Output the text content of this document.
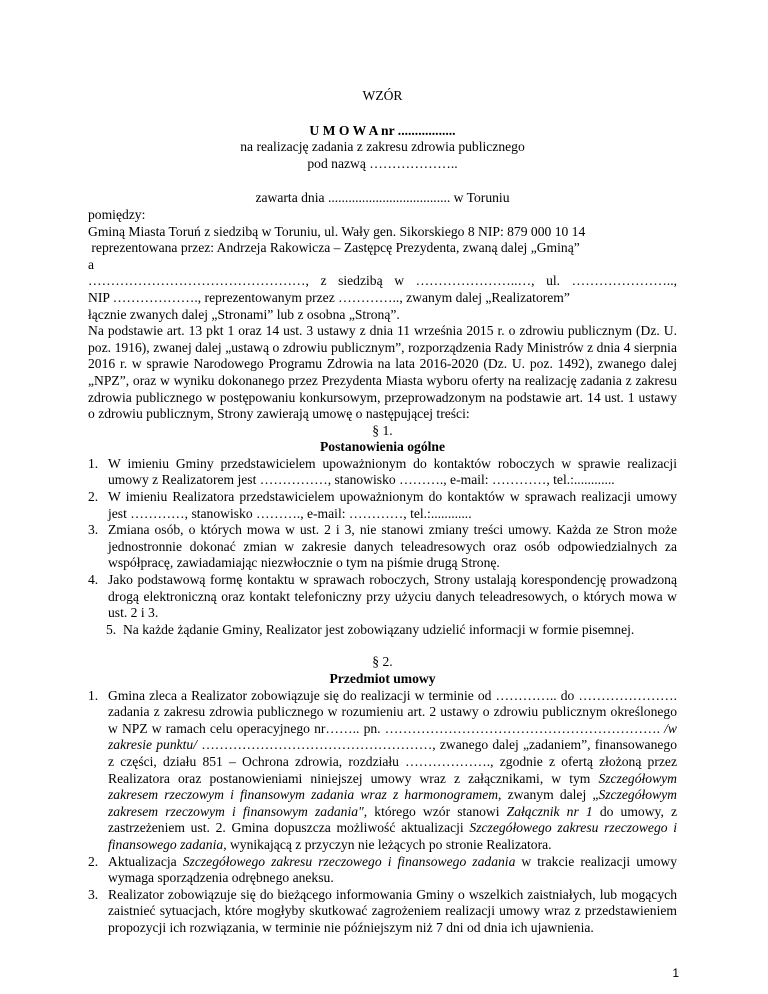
WZÓR
U M O W A nr .................
na realizację zadania z zakresu zdrowia publicznego
pod nazwą ………………..
zawarta dnia .................................... w Toruniu
pomiędzy:
Gminą Miasta Toruń z siedzibą w Toruniu, ul. Wały gen. Sikorskiego 8 NIP: 879 000 10 14
reprezentowana przez: Andrzeja Rakowicza – Zastępcę Prezydenta, zwaną dalej „Gminą”
a
…………………………………………, z siedzibą w …………………..…, ul. …………………..,
NIP ………………., reprezentowanym przez ………….., zwanym dalej „Realizatorem”
łącznie zwanych dalej „Stronami” lub z osobna „Stroną”.
Na podstawie art. 13 pkt 1 oraz 14 ust. 3 ustawy z dnia 11 września 2015 r. o zdrowiu publicznym (Dz. U. poz. 1916), zwanej dalej „ustawą o zdrowiu publicznym”, rozporządzenia Rady Ministrów z dnia 4 sierpnia 2016 r. w sprawie Narodowego Programu Zdrowia na lata 2016-2020 (Dz. U. poz. 1492), zwanego dalej „NPZ”, oraz w wyniku dokonanego przez Prezydenta Miasta wyboru oferty na realizację zadania z zakresu zdrowia publicznego w postępowaniu konkursowym, przeprowadzonym na podstawie art. 14 ust. 1 ustawy o zdrowiu publicznym, Strony zawierają umowę o następującej treści:
§ 1.
Postanowienia ogólne
1. W imieniu Gminy przedstawicielem upoważnionym do kontaktów roboczych w sprawie realizacji umowy z Realizatorem jest ……………, stanowisko ………., e-mail: …………, tel.:............
2. W imieniu Realizatora przedstawicielem upoważnionym do kontaktów w sprawach realizacji umowy jest …………, stanowisko ………., e-mail: …………, tel.:............
3. Zmiana osób, o których mowa w ust. 2 i 3, nie stanowi zmiany treści umowy. Każda ze Stron może jednostronnie dokonać zmian w zakresie danych teleadresowych oraz osób odpowiedzialnych za współpracę, zawiadamiając niezwłocznie o tym na piśmie drugą Stronę.
4. Jako podstawową formę kontaktu w sprawach roboczych, Strony ustalają korespondencję prowadzoną drogą elektroniczną oraz kontakt telefoniczny przy użyciu danych teleadresowych, o których mowa w ust. 2 i 3.
5.  Na każde żądanie Gminy, Realizator jest zobowiązany udzielić informacji w formie pisemnej.
§ 2.
Przedmiot umowy
1. Gmina zleca a Realizator zobowiązuje się do realizacji w terminie od ………….. do …………………. zadania z zakresu zdrowia publicznego w rozumieniu art. 2 ustawy o zdrowiu publicznym określonego w NPZ w ramach celu operacyjnego nr…….. pn. ……………………………………………………. /w zakresie punktu/ ……………………………………………, zwanego dalej „zadaniem”, finansowanego z części, działu 851 – Ochrona zdrowia, rozdziału ………………., zgodnie z ofertą złożoną przez Realizatora oraz postanowieniami niniejszej umowy wraz z załącznikami, w tym Szczegółowym zakresem rzeczowym i finansowym zadania wraz z harmonogramem, zwanym dalej „Szczegółowym zakresem rzeczowym i finansowym zadania", którego wzór stanowi Załącznik nr 1 do umowy, z zastrzeżeniem ust. 2. Gmina dopuszcza możliwość aktualizacji Szczegółowego zakresu rzeczowego i finansowego zadania, wynikającą z przyczyn nie leżących po stronie Realizatora.
2. Aktualizacja Szczegółowego zakresu rzeczowego i finansowego zadania w trakcie realizacji umowy wymaga sporządzenia odrębnego aneksu.
3. Realizator zobowiązuje się do bieżącego informowania Gminy o wszelkich zaistniałych, lub mogących zaistnieć sytuacjach, które mogłyby skutkować zagrożeniem realizacji umowy wraz z przedstawieniem propozycji ich rozwiązania, w terminie nie późniejszym niż 7 dni od dnia ich ujawnienia.
1
